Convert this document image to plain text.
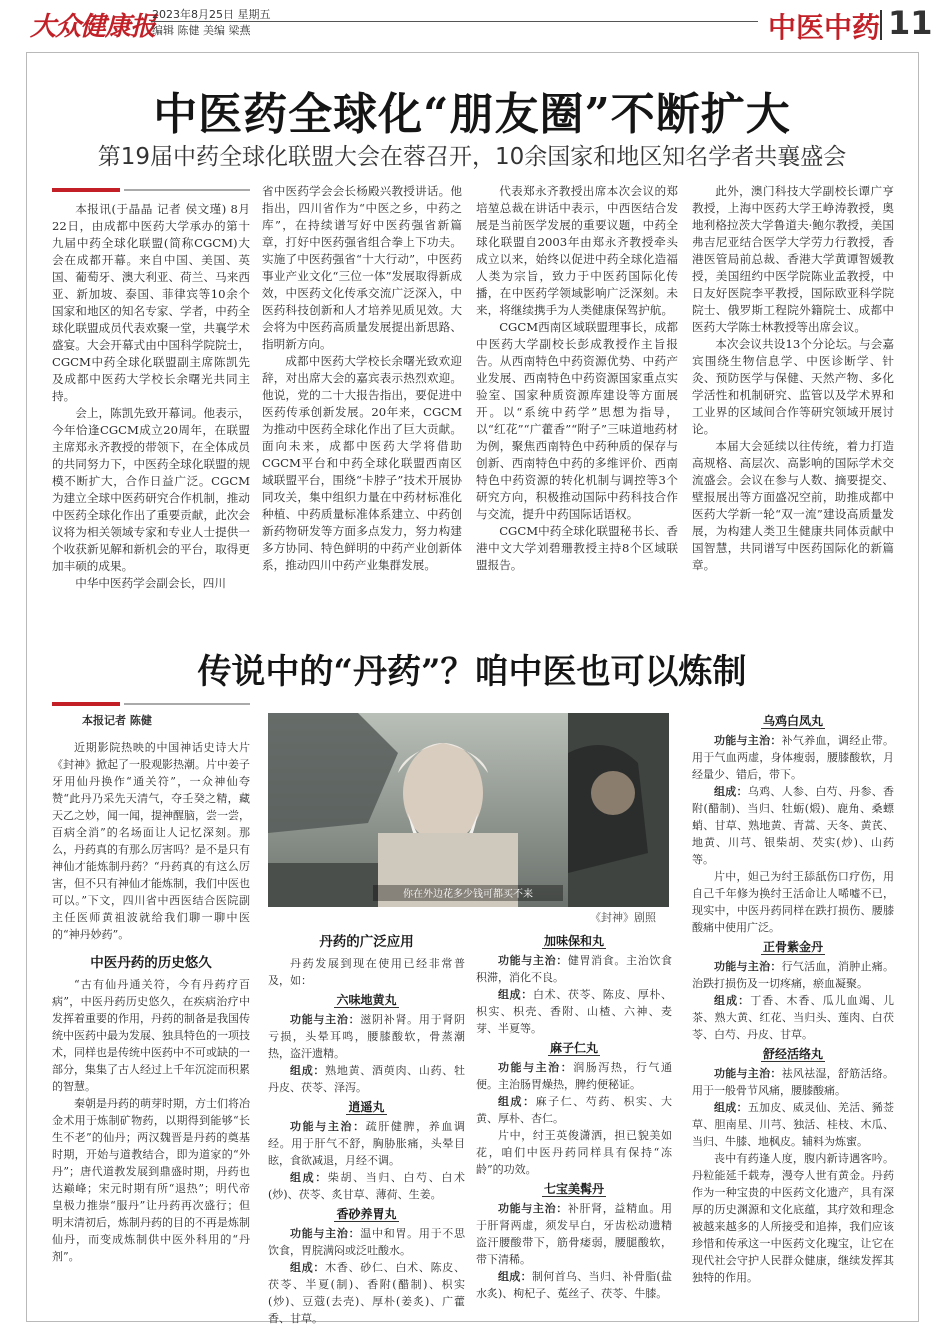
大众健康报
2023年8月25日 星期五
编辑 陈健 美编 梁燕	中医中药 11
中医药全球化“朋友圈”不断扩大
第19届中药全球化联盟大会在蓉召开，10余国家和地区知名学者共襄盛会

本报讯(于晶晶 记者 侯文瑾) 8月22日，由成都中医药大学承办的第十九届中药全球化联盟(简称CGCM)大会在成都开幕。来自中国、美国、英国、葡萄牙、澳大利亚、荷兰、马来西亚、新加坡、泰国、菲律宾等10余个国家和地区的知名专家、学者，中药全球化联盟成员代表欢聚一堂，共襄学术盛宴。大会开幕式由中国科学院院士，CGCM中药全球化联盟副主席陈凯先及成都中医药大学校长余曙光共同主持。

会上，陈凯先致开幕词。他表示，今年恰逢CGCM成立20周年，在联盟主席郑永齐教授的带领下，在全体成员的共同努力下，中医药全球化联盟的规模不断扩大，合作日益广泛。CGCM为建立全球中医药研究合作机制，推动中医药全球化作出了重要贡献，此次会议将为相关领域专家和专业人士提供一个收获新见解和新机会的平台，取得更加丰硕的成果。

中华中医药学会副会长，四川

省中医药学会会长杨殿兴教授讲话。他指出，四川省作为“中医之乡，中药之库”，在持续谱写好中医药强省新篇章，打好中医药强省组合拳上下功夫。实施了中医药强省“十大行动”，中医药事业产业文化“三位一体”发展取得新成效，中医药文化传承交流广泛深入，中医药科技创新和人才培养见质见效。大会将为中医药高质量发展提出新思路、指明新方向。

成都中医药大学校长余曙光致欢迎辞，对出席大会的嘉宾表示热烈欢迎。他说，党的二十大报告指出，要促进中医药传承创新发展。20年来，CGCM为推动中医药全球化作出了巨大贡献。面向未来，成都中医药大学将借助CGCM平台和中药全球化联盟西南区域联盟平台，围绕“卡脖子”技术开展协同攻关，集中组织力量在中药材标准化种植、中药质量标准体系建立、中药创新药物研发等方面多点发力，努力构建多方协同、特色鲜明的中药产业创新体系，推动四川中药产业集群发展。

代表郑永齐教授出席本次会议的郑培堃总裁在讲话中表示，中西医结合发展是当前医学发展的重要议题，中药全球化联盟自2003年由郑永齐教授牵头成立以来，始终以促进中药全球化造福人类为宗旨，致力于中医药国际化传播，在中医药学领域影响广泛深刻。未来，将继续携手为人类健康保驾护航。

CGCM西南区域联盟理事长，成都中医药大学副校长彭成教授作主旨报告。从西南特色中药资源优势、中药产业发展、西南特色中药资源国家重点实验室、国家种质资源库建设等方面展开。以“系统中药学”思想为指导，以“红花”“广藿香”“附子”三味道地药材为例，聚焦西南特色中药种质的保存与创新、西南特色中药的多维评价、西南特色中药资源的转化机制与调控等3个研究方向，积极推动国际中药科技合作与交流，提升中药国际话语权。

CGCM中药全球化联盟秘书长、香港中文大学刘碧珊教授主持8个区域联盟报告。

此外，澳门科技大学副校长谭广亨教授，上海中医药大学王峥涛教授，奥地利格拉茨大学鲁道夫·鲍尔教授，美国弗吉尼亚结合医学大学劳力行教授，香港医管局前总裁、香港大学黄谭智媛教授，美国纽约中医学院陈业孟教授，中日友好医院李平教授，国际欧亚科学院院士、俄罗斯工程院外籍院士、成都中医药大学陈士林教授等出席会议。

本次会议共设13个分论坛。与会嘉宾围绕生物信息学、中医诊断学、针灸、预防医学与保健、天然产物、多化学活性和机制研究、监管以及学术界和工业界的区域间合作等研究领域开展讨论。

本届大会延续以往传统，着力打造高规格、高层次、高影响的国际学术交流盛会。会议在参与人数、摘要提交、壁报展出等方面盛况空前，助推成都中医药大学新一轮“双一流”建设高质量发展，为构建人类卫生健康共同体贡献中国智慧，共同谱写中医药国际化的新篇章。

传说中的“丹药”？咱中医也可以炼制
本报记者 陈健

近期影院热映的中国神话史诗大片《封神》掀起了一股观影热潮。片中姜子牙用仙丹换作“通关符”，一众神仙夸赞“此丹乃采先天清气，夺壬癸之精，藏天乙之妙，闻一闻，提神醒脑，尝一尝，百病全消”的名场面让人记忆深刻。那么，丹药真的有那么厉害吗？是不是只有神仙才能炼制丹药？“丹药真的有这么厉害，但不只有神仙才能炼制，我们中医也可以。”下文，四川省中西医结合医院副主任医师黄祖波就给我们聊一聊中医的“神丹妙药”。

中医丹药的历史悠久

“古有仙丹通关符，今有丹药疗百病”，中医丹药历史悠久，在疾病治疗中发挥着重要的作用，丹药的制备是我国传统中医药中最为发展、独具特色的一项技术，同样也是传统中医药中不可或缺的一部分，集集了古人经过上千年沉淀而积累的智慧。

秦朝是丹药的萌芽时期，方士们将冶金术用于炼制矿物药，以期得到能够“长生不老”的仙丹；两汉魏晋是丹药的奠基时期，开始与道教结合，即为道家的“外丹”；唐代道教发展到鼎盛时期，丹药也达巅峰；宋元时期有所“退热”；明代帝皇极力推崇“服丹”让丹药再次盛行；但明末清初后，炼制丹药的目的不再是炼制仙丹，而变成炼制供中医外科用的“丹剂”。

你在外边花多少钱可都买不来
《封神》剧照
丹药的广泛应用

丹药发展到现在使用已经非常普及，如：

六味地黄丸

功能与主治：滋阴补肾。用于肾阴亏损，头晕耳鸣，腰膝酸软，骨蒸潮热，盗汗遗精。

组成：熟地黄、酒萸肉、山药、牡丹皮、茯苓、泽泻。

逍遥丸

功能与主治：疏肝健脾，养血调经。用于肝气不舒，胸胁胀痛，头晕目眩，食欲减退，月经不调。

组成：柴胡、当归、白芍、白术(炒)、茯苓、炙甘草、薄荷、生姜。

香砂养胃丸

功能与主治：温中和胃。用于不思饮食，胃脘满闷或泛吐酸水。

组成：木香、砂仁、白术、陈皮、茯苓、半夏(制)、香附(醋制)、枳实(炒)、豆蔻(去壳)、厚朴(姜炙)、广藿香、甘草。

加味保和丸

功能与主治：健胃消食。主治饮食积滞，消化不良。

组成：白术、茯苓、陈皮、厚朴、枳实、枳壳、香附、山楂、六神、麦芽、半夏等。

麻子仁丸

功能与主治：润肠泻热，行气通便。主治肠胃燥热，脾约便秘证。

组成：麻子仁、芍药、枳实、大黄、厚朴、杏仁。

片中，纣王英俊潇洒，担已貌美如花，咱们中医丹药同样具有保持“冻龄”的功效。

七宝美髯丹

功能与主治：补肝肾，益精血。用于肝肾两虚，须发早白，牙齿松动遗精盗汗腰酸带下，筋骨痿弱，腰腿酸软，带下清稀。

组成：制何首乌、当归、补骨脂(盐水炙)、枸杞子、菟丝子、茯苓、牛膝。

乌鸡白凤丸

功能与主治：补气养血，调经止带。用于气血两虚，身体瘦弱，腰膝酸软，月经量少、错后，带下。

组成：乌鸡、人参、白芍、丹参、香附(醋制)、当归、牡蛎(煅)、鹿角、桑螵蛸、甘草、熟地黄、青蒿、天冬、黄芪、地黄、川芎、银柴胡、芡实(炒)、山药等。

片中，妲己为纣王舔舐伤口疗伤，用自己千年修为换纣王活命让人唏嘘不已，现实中，中医丹药同样在跌打损伤、腰膝酸痛中使用广泛。

正骨紫金丹

功能与主治：行气活血，消肿止痛。治跌打损伤及一切疼痛，瘀血凝聚。

组成：丁香、木香、瓜儿血竭、儿茶、熟大黄、红花、当归头、莲肉、白茯苓、白芍、丹皮、甘草。

舒经活络丸

功能与主治：祛风祛湿，舒筋活络。用于一般骨节风痛，腰膝酸痛。

组成：五加皮、威灵仙、羌活、豨莶草、胆南星、川芎、独活、桂枝、木瓜、当归、牛膝、地枫皮。辅料为炼蜜。

丧中有药逢人度，腹内新诗遇客吟。丹粒能延千载寿，漫夸人世有黄金。丹药作为一种宝贵的中医药文化遗产，具有深厚的历史渊源和文化底蕴，其疗效和理念被越来越多的人所接受和追捧，我们应该珍惜和传承这一中医药文化瑰宝，让它在现代社会守护人民群众健康，继续发挥其独特的作用。
